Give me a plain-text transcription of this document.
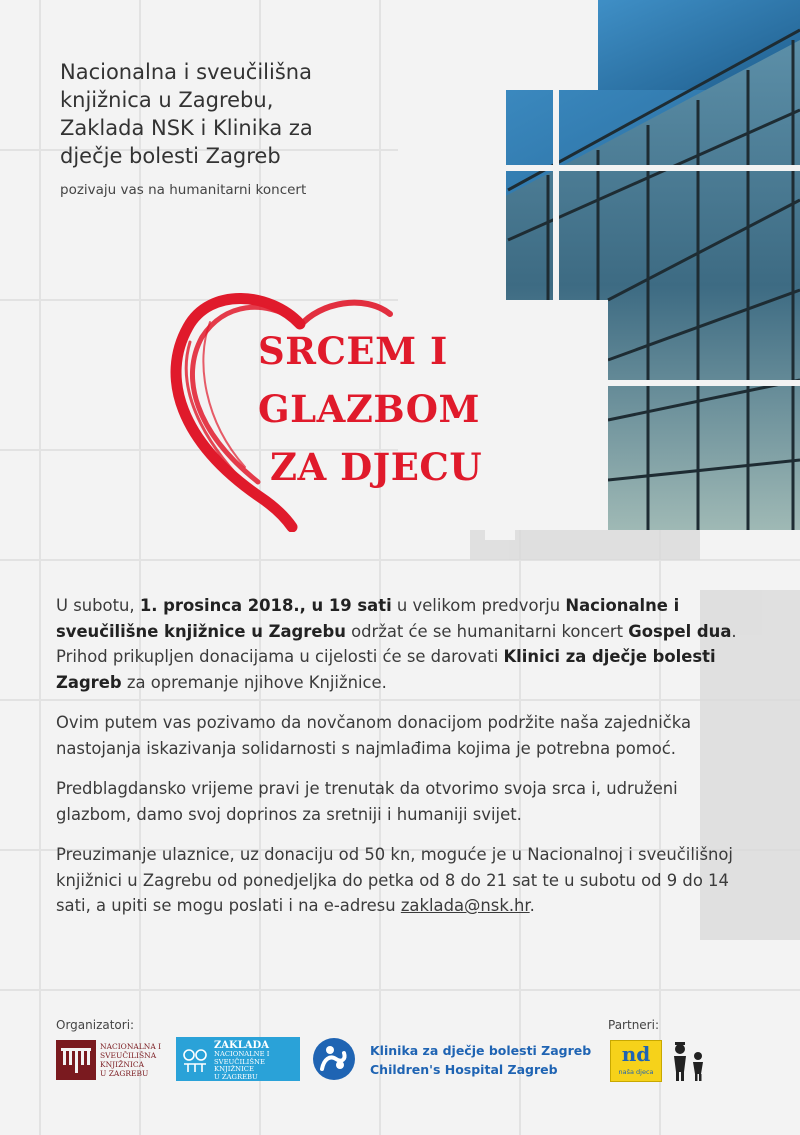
Nacionalna i sveučilišna
knjižnica u Zagrebu,
Zaklada NSK i Klinika za
dječje bolesti Zagreb
pozivaju vas na humanitarni koncert
SRCEM I
GLAZBOM
ZA DJECU

U subotu, 1. prosinca 2018., u 19 sati u velikom predvorju Nacionalne i sveučilišne knjižnice u Zagrebu održat će se humanitarni koncert Gospel dua. Prihod prikupljen donacijama u cijelosti će se darovati Klinici za dječje bolesti Zagreb za opremanje njihove Knjižnice.

Ovim putem vas pozivamo da novčanom donacijom podržite naša zajednička nastojanja iskazivanja solidarnosti s najmlađima kojima je potrebna pomoć.

Predblagdansko vrijeme pravi je trenutak da otvorimo svoja srca i, udruženi glazbom, damo svoj doprinos za sretniji i humaniji svijet.

Preuzimanje ulaznice, uz donaciju od 50 kn, moguće je u Nacionalnoj i sveučilišnoj knjižnici u Zagrebu od ponedjeljka do petka od 8 do 21 sat te u subotu od 9 do 14 sati, a upiti se mogu poslati i na e-adresu zaklada@nsk.hr.

Organizatori:	Partneri:
NACIONALNA I
SVEUČILIŠNA
KNJIŽNICA
U ZAGREBU
ZAKLADA
NACIONALNE I
SVEUČILIŠNE
KNJIŽNICE
U ZAGREBU
Klinika za dječje bolesti Zagreb
Children's Hospital Zagreb
nd
naša djeca
